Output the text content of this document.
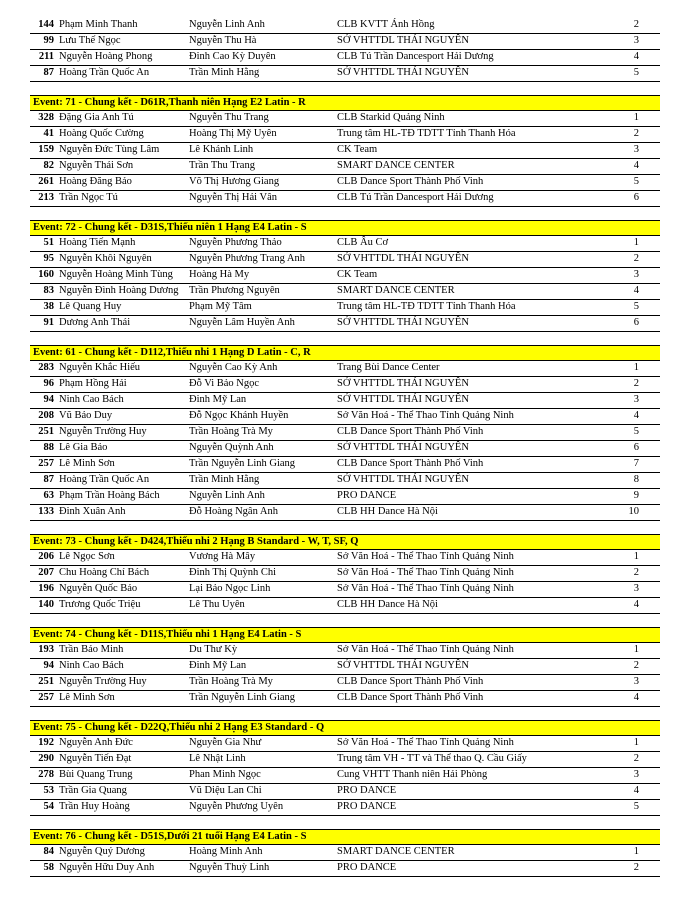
144 Phạm Minh Thanh	Nguyễn Linh Anh	CLB KVTT Ánh Hồng	2
99 Lưu Thế Ngọc	Nguyễn Thu Hà	SỞ VHTTDL THÁI NGUYÊN	3
211 Nguyễn Hoàng Phong	Đinh Cao Kỳ Duyên	CLB Tú Trần Dancesport Hải Dương	4
87 Hoàng Trần Quốc An	Trần Minh Hằng	SỞ VHTTDL THÁI NGUYÊN	5
Event: 71 - Chung kết - D61R,Thanh niên Hạng E2 Latin - R
328 Đặng Gia Anh Tú	Nguyễn Thu Trang	CLB Starkid Quảng Ninh	1
41 Hoàng Quốc Cường	Hoàng Thị Mỹ Uyên	Trung tâm HL-TĐ TDTT Tỉnh Thanh Hóa	2
159 Nguyễn Đức Tùng Lâm	Lê Khánh Linh	CK Team	3
82 Nguyễn Thái Sơn	Trần Thu Trang	SMART DANCE CENTER	4
261 Hoàng Đăng Bảo	Võ Thị Hương Giang	CLB Dance Sport Thành Phố Vinh	5
213 Trần Ngọc Tú	Nguyễn Thị Hải Vân	CLB Tú Trần Dancesport Hải Dương	6
Event: 72 - Chung kết - D31S,Thiếu niên 1 Hạng E4 Latin - S
51 Hoàng Tiến Mạnh	Nguyễn Phương Thảo	CLB Âu Cơ	1
95 Nguyễn Khôi Nguyên	Nguyễn Phương Trang Anh	SỞ VHTTDL THÁI NGUYÊN	2
160 Nguyễn Hoàng Minh Tùng	Hoàng Hà My	CK Team	3
83 Nguyễn Đình Hoàng Dương	Trần Phương Nguyên	SMART DANCE CENTER	4
38 Lê Quang Huy	Phạm Mỹ Tâm	Trung tâm HL-TĐ TDTT Tỉnh Thanh Hóa	5
91 Dương Anh Thái	Nguyễn Lâm Huyền Anh	SỞ VHTTDL THÁI NGUYÊN	6
Event: 61 - Chung kết - D112,Thiếu nhi 1 Hạng D Latin - C, R
283 Nguyễn Khắc Hiếu	Nguyễn Cao Kỳ Anh	Trang Bùi Dance Center	1
96 Phạm Hồng Hải	Đỗ Vi Bảo Ngọc	SỞ VHTTDL THÁI NGUYÊN	2
94 Ninh Cao Bách	Đinh Mỹ Lan	SỞ VHTTDL THÁI NGUYÊN	3
208 Vũ Bảo Duy	Đỗ Ngọc Khánh Huyền	Sở Văn Hoá - Thể Thao Tỉnh Quảng Ninh	4
251 Nguyễn Trường Huy	Trần Hoàng Trà My	CLB Dance Sport Thành Phố Vinh	5
88 Lê Gia Bảo	Nguyễn Quỳnh Anh	SỞ VHTTDL THÁI NGUYÊN	6
257 Lê Minh Sơn	Trần Nguyễn Linh Giang	CLB Dance Sport Thành Phố Vinh	7
87 Hoàng Trần Quốc An	Trần Minh Hằng	SỞ VHTTDL THÁI NGUYÊN	8
63 Phạm Trần Hoàng Bách	Nguyễn Linh Anh	PRO DANCE	9
133 Đinh Xuân Anh	Đỗ Hoàng Ngân Anh	CLB HH Dance Hà Nội	10
Event: 73 - Chung kết - D424,Thiếu nhi 2 Hạng B Standard - W, T, SF, Q
206 Lê Ngọc Sơn	Vương Hà Mây	Sở Văn Hoá - Thể Thao Tỉnh Quảng Ninh	1
207 Chu Hoàng Chí Bách	Đinh Thị Quỳnh Chi	Sở Văn Hoá - Thể Thao Tỉnh Quảng Ninh	2
196 Nguyễn Quốc Bảo	Lại Bảo Ngọc Linh	Sở Văn Hoá - Thể Thao Tỉnh Quảng Ninh	3
140 Trương Quốc Triệu	Lê Thu Uyên	CLB HH Dance Hà Nội	4
Event: 74 - Chung kết - D11S,Thiếu nhi 1 Hạng E4 Latin - S
193 Trần Bảo Minh	Du Thư Kỳ	Sở Văn Hoá - Thể Thao Tỉnh Quảng Ninh	1
94 Ninh Cao Bách	Đinh Mỹ Lan	SỞ VHTTDL THÁI NGUYÊN	2
251 Nguyễn Trường Huy	Trần Hoàng Trà My	CLB Dance Sport Thành Phố Vinh	3
257 Lê Minh Sơn	Trần Nguyễn Linh Giang	CLB Dance Sport Thành Phố Vinh	4
Event: 75 - Chung kết - D22Q,Thiếu nhi 2 Hạng E3 Standard - Q
192 Nguyễn Anh Đức	Nguyễn Gia Như	Sở Văn Hoá - Thể Thao Tỉnh Quảng Ninh	1
290 Nguyễn Tiến Đạt	Lê Nhật Linh	Trung tâm VH - TT và Thể thao Q. Cầu Giấy	2
278 Bùi Quang Trung	Phan Minh Ngọc	Cung VHTT Thanh niên Hải Phòng	3
53 Trần Gia Quang	Vũ Diệu Lan Chi	PRO DANCE	4
54 Trần Huy Hoàng	Nguyễn Phương Uyên	PRO DANCE	5
Event: 76 - Chung kết - D51S,Dưới 21 tuổi Hạng E4 Latin - S
84 Nguyễn Quý Dương	Hoàng Minh Anh	SMART DANCE CENTER	1
58 Nguyễn Hữu Duy Anh	Nguyễn Thuỳ Linh	PRO DANCE	2
